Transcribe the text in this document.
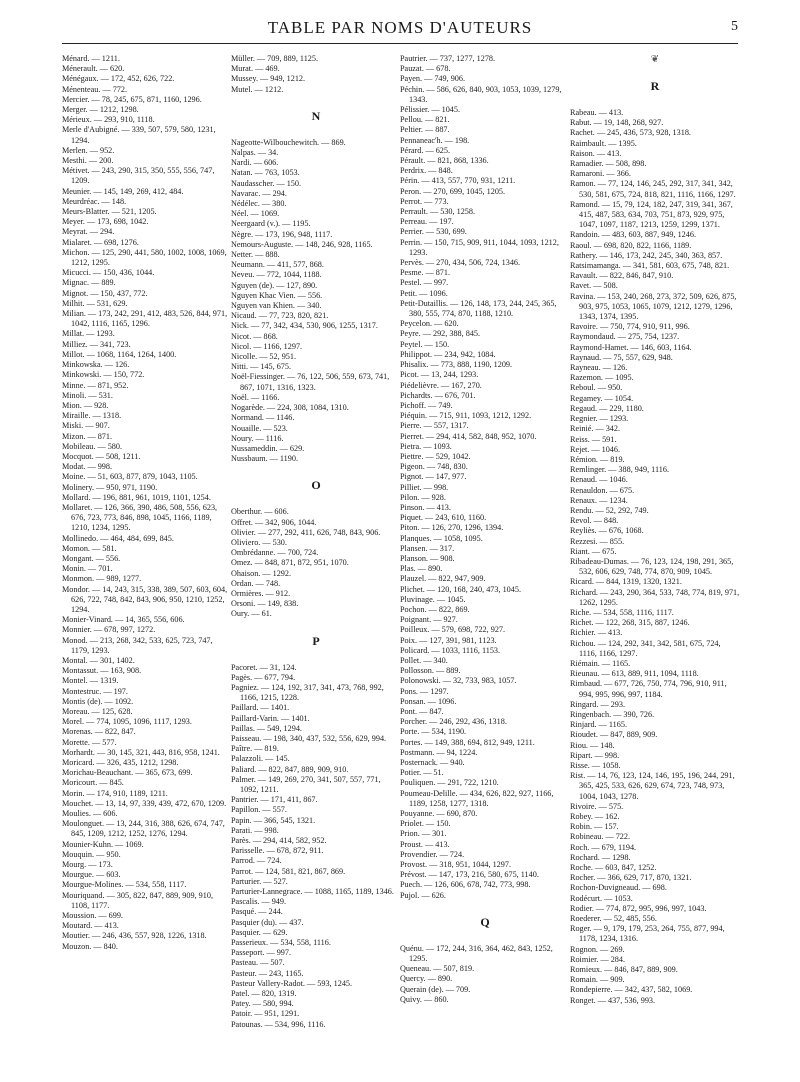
TABLE PAR NOMS D'AUTEURS	5

Ménard. — 1211.

Ménerault. — 620.

Ménégaux. — 172, 452, 626, 722.

Ménenteau. — 772.

Mercier. — 78, 245, 675, 871, 1160, 1296.

Merger. — 1212, 1298.

Mérieux. — 293, 910, 1118.

Merle d'Aubigné. — 339, 507, 579, 580, 1231, 1294.

Merlen. — 952.

Mesthi. — 200.

Métivet. — 243, 290, 315, 350, 555, 556, 747, 1209.

Meunier. — 145, 149, 269, 412, 484.

Meurdréac. — 148.

Meurs-Blatter. — 521, 1205.

Meyer. — 173, 698, 1042.

Meyrat. — 294.

Mialaret. — 698, 1276.

Michon. — 125, 290, 441, 580, 1002, 1008, 1069, 1212, 1295.

Micucci. — 150, 436, 1044.

Mignac. — 889.

Mignot. — 150, 437, 772.

Milhit. — 531, 629.

Milian. — 173, 242, 291, 412, 483, 526, 844, 971, 1042, 1116, 1165, 1296.

Millat. — 1293.

Milliez. — 341, 723.

Millot. — 1068, 1164, 1264, 1400.

Minkowska. — 126.

Minkowski. — 150, 772.

Minne. — 871, 952.

Minoli. — 531.

Mion. — 928.

Miraille. — 1318.

Miski. — 907.

Mizon. — 871.

Mobileau. — 580.

Mocquot. — 508, 1211.

Modat. — 998.

Moine. — 51, 603, 877, 879, 1043, 1105.

Molinery. — 950, 971, 1190.

Mollard. — 196, 881, 961, 1019, 1101, 1254.

Mollaret. — 126, 366, 390, 486, 508, 556, 623, 676, 723, 773, 846, 898, 1045, 1166, 1189, 1210, 1234, 1295.

Mollinedo. — 464, 484, 699, 845.

Momon. — 581.

Mongant. — 556.

Monin. — 701.

Monmon. — 989, 1277.

Mondor. — 14, 243, 315, 338, 389, 507, 603, 604, 626, 722, 748, 842, 843, 906, 950, 1210, 1252, 1294.

Monier-Vinard. — 14, 365, 556, 606.

Monnier. — 678, 997, 1272.

Monod. — 213, 268, 342, 533, 625, 723, 747, 1179, 1293.

Montal. — 301, 1402.

Montassut. — 163, 908.

Montel. — 1319.

Montestruc. — 197.

Montis (de). — 1092.

Moreau. — 125, 628.

Morel. — 774, 1095, 1096, 1117, 1293.

Morenas. — 822, 847.

Morette. — 577.

Morhardt. — 30, 145, 321, 443, 816, 958, 1241.

Moricard. — 326, 435, 1212, 1298.

Morichau-Beauchant. — 365, 673, 699.

Moricourt. — 845.

Morin. — 174, 910, 1189, 1211.

Mouchet. — 13, 14, 97, 339, 439, 472, 670, 1209.

Moulies. — 606.

Moulonguet. — 13, 244, 316, 388, 626, 674, 747, 845, 1209, 1212, 1252, 1276, 1294.

Mounier-Kuhn. — 1069.

Mouquin. — 950.

Mourg. — 173.

Mourgue. — 603.

Mourgue-Molines. — 534, 558, 1117.

Mouriquand. — 305, 822, 847, 889, 909, 910, 1108, 1177.

Moussion. — 699.

Moutard. — 413.

Moutier. — 246, 436, 557, 928, 1226, 1318.

Mouzon. — 840.

Müller. — 709, 889, 1125.

Murat. — 469.

Mussey. — 949, 1212.

Mutel. — 1212.

N

Nageotte-Wilbouchewitch. — 869.

Nalpas. — 34.

Nardi. — 606.

Natan. — 763, 1053.

Naudasscher. — 150.

Navarac. — 294.

Nédélec. — 380.

Néel. — 1069.

Neergaard (v.). — 1195.

Nègre. — 173, 196, 948, 1117.

Nemours-Auguste. — 148, 246, 928, 1165.

Netter. — 888.

Neumann. — 411, 577, 868.

Neveu. — 772, 1044, 1188.

Nguyen (de). — 127, 890.

Nguyen Khac Vien. — 556.

Nguyen van Khien. — 340.

Nicaud. — 77, 723, 820, 821.

Nick. — 77, 342, 434, 530, 906, 1255, 1317.

Nicot. — 868.

Nicol. — 1166, 1297.

Nicolle. — 52, 951.

Nitti. — 145, 675.

Noël-Fiessinger. — 76, 122, 506, 559, 673, 741, 867, 1071, 1316, 1323.

Noël. — 1166.

Nogarède. — 224, 308, 1084, 1310.

Normand. — 1146.

Nouaille. — 523.

Noury. — 1116.

Nussameddin. — 629.

Nussbaum. — 1190.

O

Oberthur. — 606.

Offret. — 342, 906, 1044.

Olivier. — 277, 292, 411, 626, 748, 843, 906.

Oliviero. — 530.

Ombrédanne. — 700, 724.

Omez. — 848, 871, 872, 951, 1070.

Ohaison. — 1292.

Ordan. — 748.

Ormières. — 912.

Orsoni. — 149, 838.

Oury. — 61.

P

Pacoret. — 31, 124.

Pagès. — 677, 794.

Pagniez. — 124, 192, 317, 341, 473, 768, 992, 1166, 1215, 1228.

Paillard. — 1401.

Paillard-Varin. — 1401.

Paillas. — 549, 1294.

Paisseau. — 198, 340, 437, 532, 556, 629, 994.

Paître. — 819.

Palazzoli. — 145.

Paliard. — 822, 847, 889, 909, 910.

Palmer. — 149, 269, 270, 341, 507, 557, 771, 1092, 1211.

Pantrier. — 171, 411, 867.

Papillon. — 557.

Papin. — 366, 545, 1321.

Parati. — 998.

Parès. — 294, 414, 582, 952.

Parisselle. — 678, 872, 911.

Parrod. — 724.

Parrot. — 124, 581, 821, 867, 869.

Parturier. — 527.

Parturier-Lannegrace. — 1088, 1165, 1189, 1346.

Pascalis. — 949.

Pasqué. — 244.

Pasquier (du). — 437.

Pasquier. — 629.

Passerieux. — 534, 558, 1116.

Passeport. — 997.

Pasteau. — 507.

Pasteur. — 243, 1165.

Pasteur Vallery-Radot. — 593, 1245.

Patel. — 820, 1319.

Patey. — 580, 994.

Patoir. — 951, 1291.

Patounas. — 534, 996, 1116.

Pautrier. — 737, 1277, 1278.

Pauzat. — 678.

Payen. — 749, 906.

Péchin. — 586, 626, 840, 903, 1053, 1039, 1279, 1343.

Pélissier. — 1045.

Pellou. — 821.

Peltier. — 887.

Pennaneac'h. — 198.

Pérard. — 625.

Pérault. — 821, 868, 1336.

Perdrix. — 848.

Périn. — 413, 557, 770, 931, 1211.

Peron. — 270, 699, 1045, 1205.

Perrot. — 773.

Perrault. — 530, 1258.

Perreau. — 197.

Perrier. — 530, 699.

Perrin. — 150, 715, 909, 911, 1044, 1093, 1212, 1293.

Pervès. — 270, 434, 506, 724, 1346.

Pesme. — 871.

Pestel. — 997.

Petit. — 1096.

Petit-Dutaillis. — 126, 148, 173, 244, 245, 365, 380, 555, 774, 870, 1188, 1210.

Peycelon. — 620.

Peyre. — 292, 388, 845.

Peytel. — 150.

Philippot. — 234, 942, 1084.

Phisalix. — 773, 888, 1190, 1209.

Picot. — 13, 244, 1293.

Piédelièvre. — 167, 270.

Pichardts. — 676, 701.

Pichoff. — 749.

Piéquin. — 715, 911, 1093, 1212, 1292.

Pierre. — 557, 1317.

Pierret. — 294, 414, 582, 848, 952, 1070.

Pietra. — 1093.

Piettre. — 529, 1042.

Pigeon. — 748, 830.

Pignot. — 147, 977.

Pilliet. — 998.

Pilon. — 928.

Pinson. — 413.

Piquet. — 243, 610, 1160.

Piton. — 126, 270, 1296, 1394.

Planques. — 1058, 1095.

Plansen. — 317.

Planson. — 908.

Plas. — 890.

Plauzel. — 822, 947, 909.

Plichet. — 120, 168, 240, 473, 1045.

Pluvinage. — 1045.

Pochon. — 822, 869.

Poignant. — 927.

Poilleux. — 579, 698, 722, 927.

Poix. — 127, 391, 981, 1123.

Policard. — 1033, 1116, 1153.

Pollet. — 340.

Pollosson. — 889.

Polonowski. — 32, 733, 983, 1057.

Pons. — 1297.

Ponsan. — 1096.

Pont. — 847.

Porcher. — 246, 292, 436, 1318.

Porte. — 534, 1190.

Portes. — 149, 388, 694, 812, 949, 1211.

Postmann. — 94, 1224.

Posternack. — 940.

Potier. — 51.

Pouliquen. — 291, 722, 1210.

Poumeau-Delille. — 434, 626, 822, 927, 1166, 1189, 1258, 1277, 1318.

Pouyanne. — 690, 870.

Priolet. — 150.

Prion. — 301.

Proust. — 413.

Provendier. — 724.

Provost. — 318, 951, 1044, 1297.

Prévost. — 147, 173, 216, 580, 675, 1140.

Puech. — 126, 606, 678, 742, 773, 998.

Pujol. — 626.

Q

Quénu. — 172, 244, 316, 364, 462, 843, 1252, 1295.

Queneau. — 507, 819.

Quercy. — 890.

Querain (de). — 709.

Quivy. — 860.

❦
R

Rabeau. — 413.

Rabut. — 19, 148, 268, 927.

Rachet. — 245, 436, 573, 928, 1318.

Raimbault. — 1395.

Raison. — 413.

Ramadier. — 508, 898.

Ramaroni. — 366.

Ramon. — 77, 124, 146, 245, 292, 317, 341, 342, 530, 581, 675, 724, 818, 821, 1116, 1166, 1297.

Ramond. — 15, 79, 124, 182, 247, 319, 341, 367, 415, 487, 583, 634, 703, 751, 873, 929, 975, 1047, 1097, 1187, 1213, 1259, 1299, 1371.

Randoin. — 483, 603, 887, 949, 1246.

Raoul. — 698, 820, 822, 1166, 1189.

Rathery. — 146, 173, 242, 245, 340, 363, 857.

Ratsimamanga. — 341, 581, 603, 675, 748, 821.

Ravault. — 822, 846, 847, 910.

Ravet. — 508.

Ravina. — 153, 240, 268, 273, 372, 509, 626, 875, 903, 975, 1053, 1065, 1079, 1212, 1279, 1296, 1343, 1374, 1395.

Ravoire. — 750, 774, 910, 911, 996.

Raymondaud. — 275, 754, 1237.

Raymond-Hamet. — 146, 603, 1164.

Raynaud. — 75, 557, 629, 948.

Rayneau. — 126.

Razemon. — 1095.

Reboul. — 950.

Regamey. — 1054.

Regaud. — 229, 1180.

Regnier. — 1293.

Reinié. — 342.

Reiss. — 591.

Rejet. — 1046.

Rémion. — 819.

Remlinger. — 388, 949, 1116.

Renaud. — 1046.

Renauldon. — 675.

Renaux. — 1234.

Rendu. — 52, 292, 749.

Revol. — 848.

Reyliès. — 676, 1068.

Rezzesi. — 855.

Riant. — 675.

Ribadeau-Dumas. — 76, 123, 124, 198, 291, 365, 532, 606, 629, 748, 774, 870, 909, 1045.

Ricard. — 844, 1319, 1320, 1321.

Richard. — 243, 290, 364, 533, 748, 774, 819, 971, 1262, 1295.

Riche. — 534, 558, 1116, 1117.

Richet. — 122, 268, 315, 887, 1246.

Richier. — 413.

Richou. — 124, 292, 341, 342, 581, 675, 724, 1116, 1166, 1297.

Riémain. — 1165.

Rieunau. — 613, 889, 911, 1094, 1118.

Rimbaud. — 677, 726, 750, 774, 796, 910, 911, 994, 995, 996, 997, 1184.

Ringard. — 293.

Ringenbach. — 390, 726.

Rinjard. — 1165.

Rioudet. — 847, 889, 909.

Riou. — 148.

Ripart. — 998.

Risse. — 1058.

Rist. — 14, 76, 123, 124, 146, 195, 196, 244, 291, 365, 425, 533, 626, 629, 674, 723, 748, 973, 1004, 1043, 1278.

Rivoire. — 575.

Robey. — 162.

Robin. — 157.

Robineau. — 722.

Roch. — 679, 1194.

Rochard. — 1298.

Roche. — 603, 847, 1252.

Rocher. — 366, 629, 717, 870, 1321.

Rochon-Duvigneaud. — 698.

Rodécurt. — 1053.

Rodier. — 774, 872, 995, 996, 997, 1043.

Roederer. — 52, 485, 556.

Roger. — 9, 179, 179, 253, 264, 755, 877, 994, 1178, 1234, 1316.

Rognon. — 269.

Roimier. — 284.

Romieux. — 846, 847, 889, 909.

Romain. — 909.

Rondepierre. — 342, 437, 582, 1069.

Ronget. — 437, 536, 993.
